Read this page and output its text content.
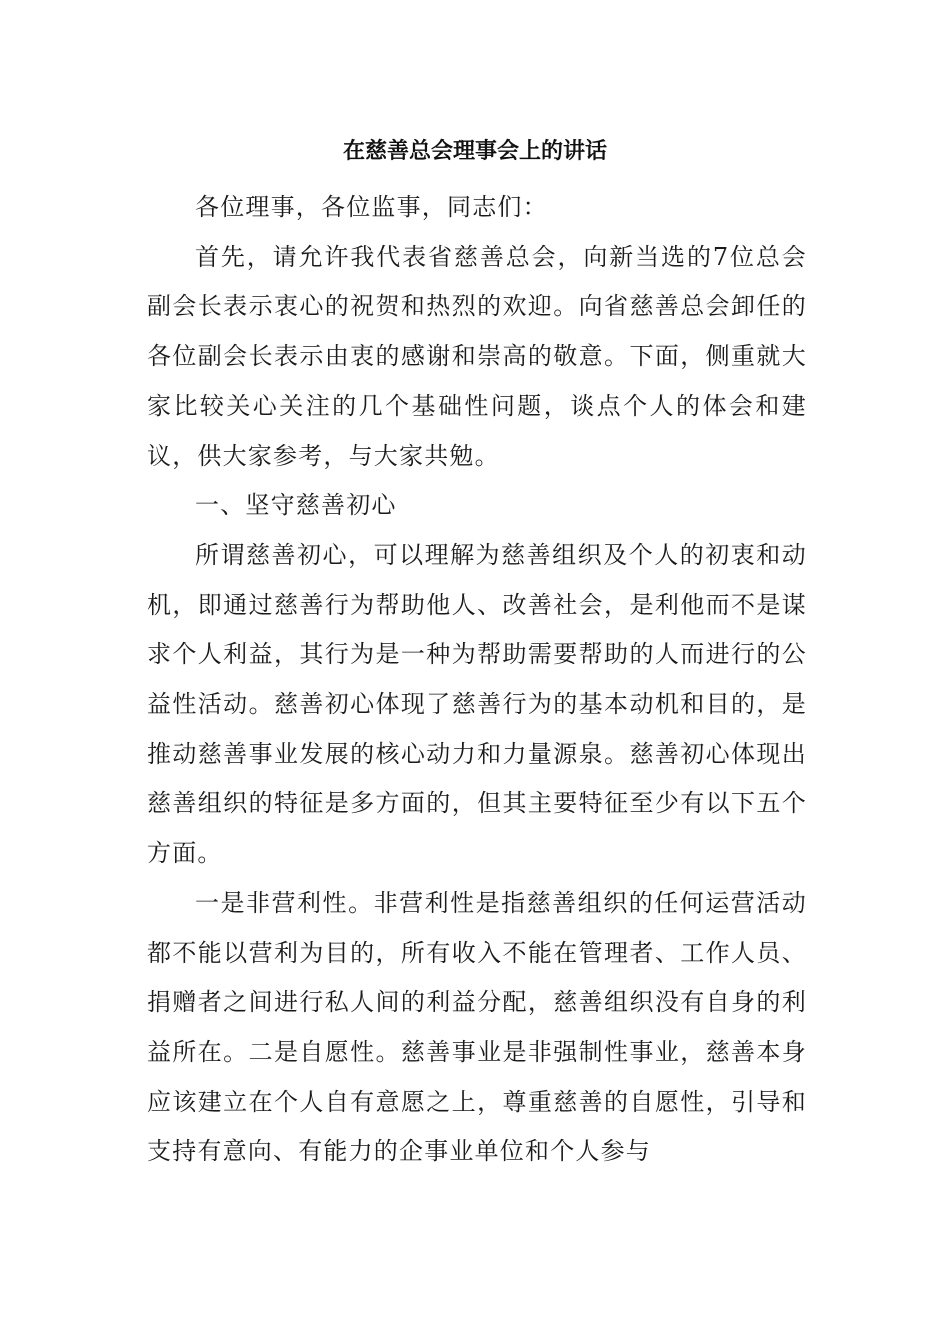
在慈善总会理事会上的讲话

各位理事，各位监事，同志们：

首先，请允许我代表省慈善总会，向新当选的7位总会副会长表示衷心的祝贺和热烈的欢迎。向省慈善总会卸任的各位副会长表示由衷的感谢和崇高的敬意。下面，侧重就大家比较关心关注的几个基础性问题，谈点个人的体会和建议，供大家参考，与大家共勉。

一、坚守慈善初心

所谓慈善初心，可以理解为慈善组织及个人的初衷和动机，即通过慈善行为帮助他人、改善社会，是利他而不是谋求个人利益，其行为是一种为帮助需要帮助的人而进行的公益性活动。慈善初心体现了慈善行为的基本动机和目的，是推动慈善事业发展的核心动力和力量源泉。慈善初心体现出慈善组织的特征是多方面的，但其主要特征至少有以下五个方面。

一是非营利性。非营利性是指慈善组织的任何运营活动都不能以营利为目的，所有收入不能在管理者、工作人员、捐赠者之间进行私人间的利益分配，慈善组织没有自身的利益所在。二是自愿性。慈善事业是非强制性事业，慈善本身应该建立在个人自有意愿之上，尊重慈善的自愿性，引导和支持有意向、有能力的企事业单位和个人参与
